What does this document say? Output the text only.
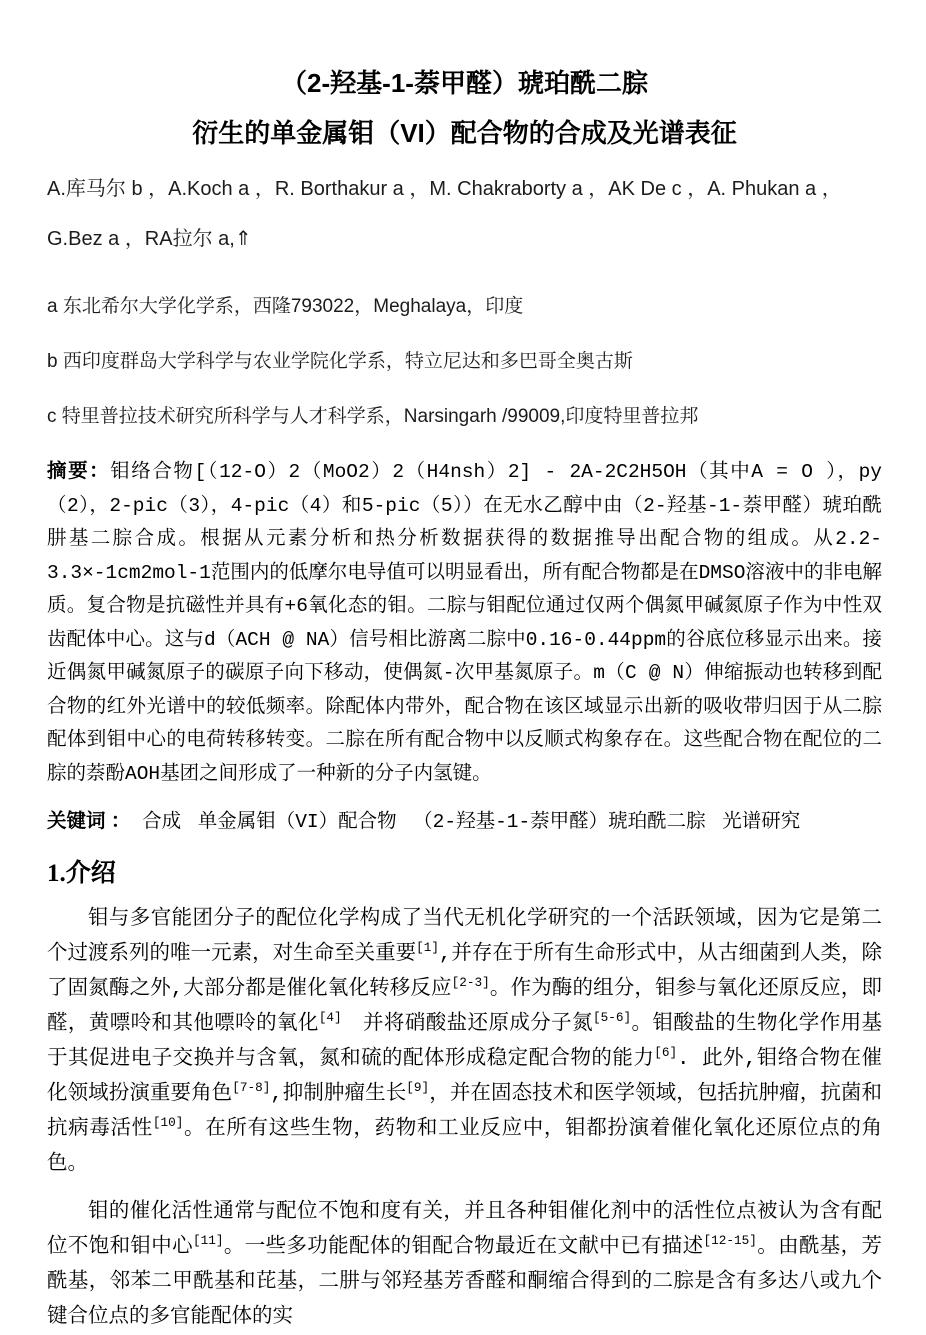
（2-羟基-1-萘甲醛）琥珀酰二腙
衍生的单金属钼（VI）配合物的合成及光谱表征
A.库马尔 b ，A.Koch a ，R. Borthakur a ，M. Chakraborty a ，AK De c ，A. Phukan a ，G.Bez a ，RA拉尔 a,⇑
a 东北希尔大学化学系，西隆793022，Meghalaya，印度
b 西印度群岛大学科学与农业学院化学系，特立尼达和多巴哥全奥古斯
c 特里普拉技术研究所科学与人才科学系，Narsingarh /99009,印度特里普拉邦

摘要：钼络合物[（12-O）2（MoO2）2（H4nsh）2] - 2A-2C2H5OH（其中A = O ），py（2），2-pic（3），4-pic（4）和5-pic（5））在无水乙醇中由（2-羟基-1-萘甲醛）琥珀酰肼基二腙合成。根据从元素分析和热分析数据获得的数据推导出配合物的组成。从2.2-3.3×-1cm2mol-1范围内的低摩尔电导值可以明显看出，所有配合物都是在DMSO溶液中的非电解质。复合物是抗磁性并具有+6氧化态的钼。二腙与钼配位通过仅两个偶氮甲碱氮原子作为中性双齿配体中心。这与d（ACH @ NA）信号相比游离二腙中0.16-0.44ppm的谷底位移显示出来。接近偶氮甲碱氮原子的碳原子向下移动，使偶氮-次甲基氮原子。m（C @ N）伸缩振动也转移到配合物的红外光谱中的较低频率。除配体内带外，配合物在该区域显示出新的吸收带归因于从二腙配体到钼中心的电荷转移转变。二腙在所有配合物中以反顺式构象存在。这些配合物在配位的二腙的萘酚AOH基团之间形成了一种新的分子内氢键。

关键词 ： 合成 单金属钼（VI）配合物 （2-羟基-1-萘甲醛）琥珀酰二腙 光谱研究

1.介绍

钼与多官能团分子的配位化学构成了当代无机化学研究的一个活跃领域，因为它是第二个过渡系列的唯一元素，对生命至关重要[1],并存在于所有生命形式中，从古细菌到人类，除了固氮酶之外,大部分都是催化氧化转移反应[2-3]。作为酶的组分，钼参与氧化还原反应，即醛，黄嘌呤和其他嘌呤的氧化[4]　并将硝酸盐还原成分子氮[5-6]。钼酸盐的生物化学作用基于其促进电子交换并与含氧，氮和硫的配体形成稳定配合物的能力[6]. 此外,钼络合物在催化领域扮演重要角色[7-8],抑制肿瘤生长[9]，并在固态技术和医学领域，包括抗肿瘤，抗菌和抗病毒活性[10]。在所有这些生物，药物和工业反应中，钼都扮演着催化氧化还原位点的角色。

钼的催化活性通常与配位不饱和度有关，并且各种钼催化剂中的活性位点被认为含有配位不饱和钼中心[11]。一些多功能配体的钼配合物最近在文献中已有描述[12-15]。由酰基，芳酰基，邻苯二甲酰基和芘基，二肼与邻羟基芳香醛和酮缩合得到的二腙是含有多达八或九个键合位点的多官能配体的实
